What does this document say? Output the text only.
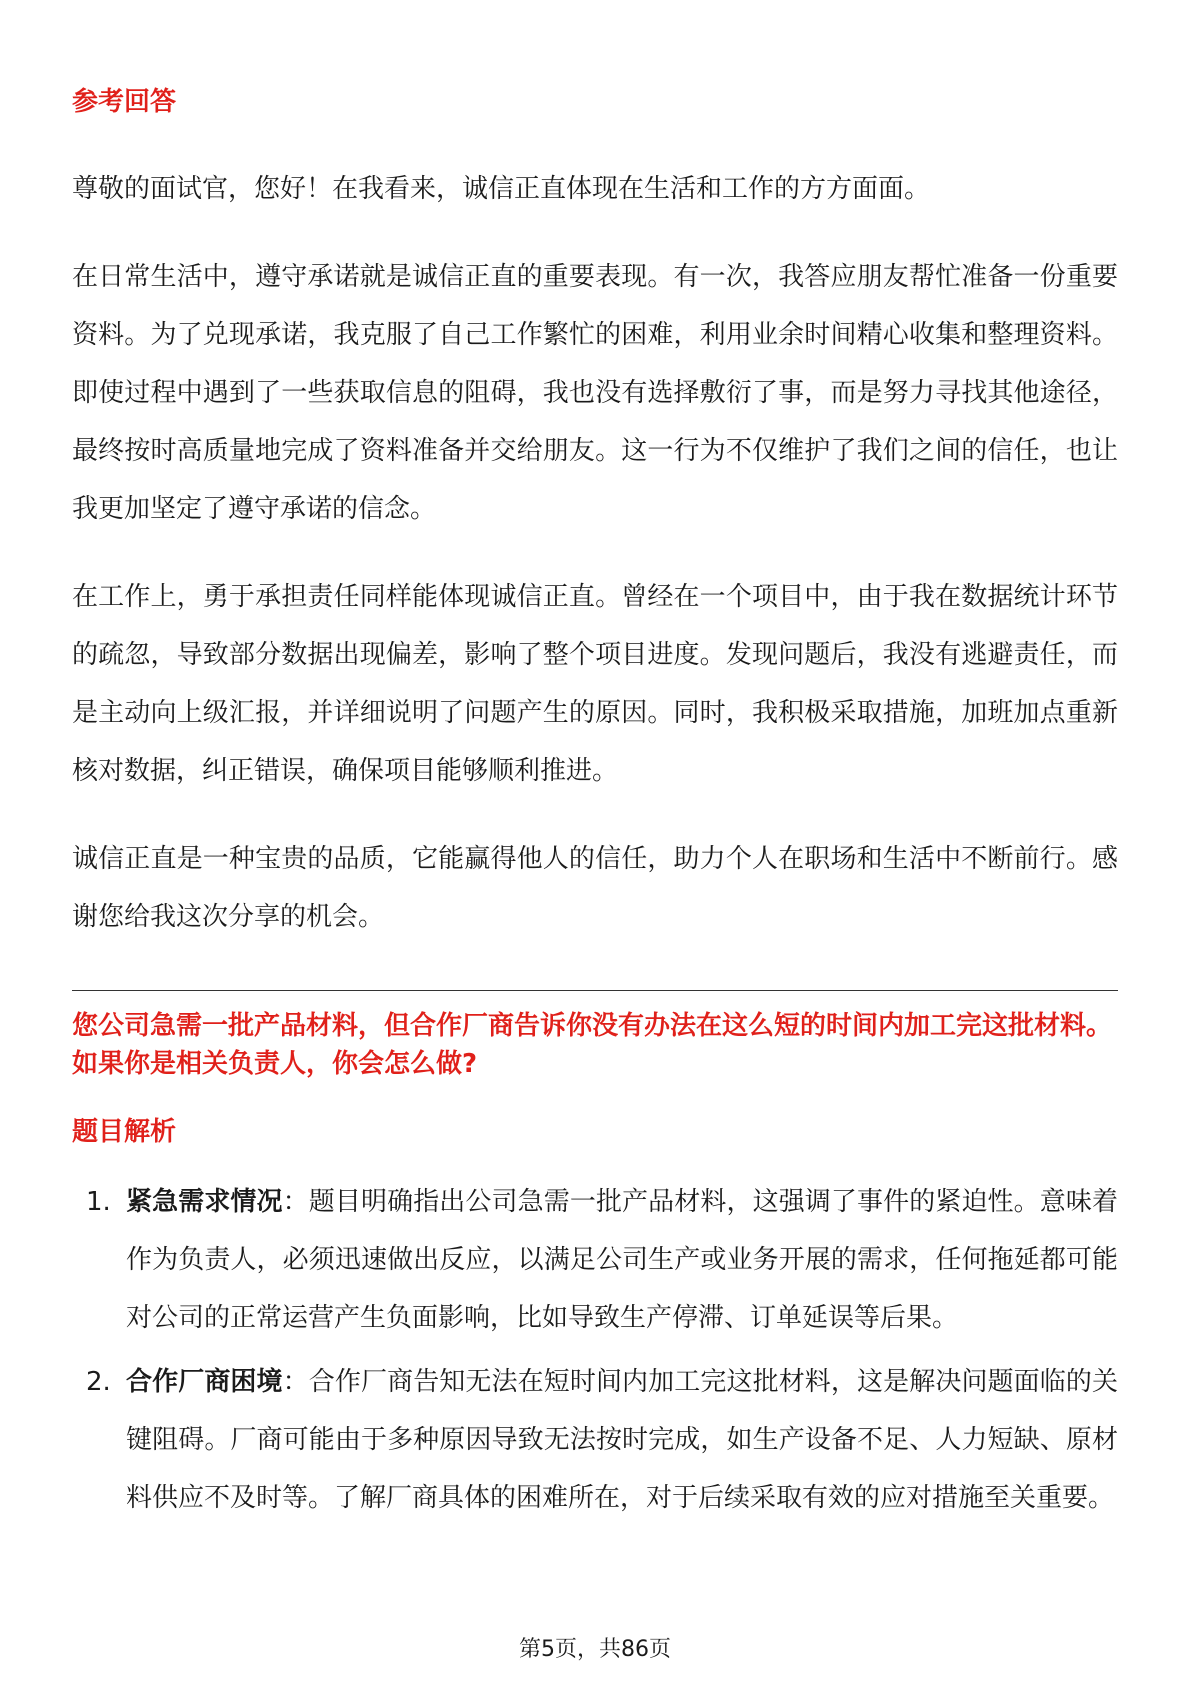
参考回答

尊敬的面试官，您好！在我看来，诚信正直体现在生活和工作的方方面面。

在日常生活中，遵守承诺就是诚信正直的重要表现。有一次，我答应朋友帮忙准备一份重要资料。为了兑现承诺，我克服了自己工作繁忙的困难，利用业余时间精心收集和整理资料。即使过程中遇到了一些获取信息的阻碍，我也没有选择敷衍了事，而是努力寻找其他途径，最终按时高质量地完成了资料准备并交给朋友。这一行为不仅维护了我们之间的信任，也让我更加坚定了遵守承诺的信念。

在工作上，勇于承担责任同样能体现诚信正直。曾经在一个项目中，由于我在数据统计环节的疏忽，导致部分数据出现偏差，影响了整个项目进度。发现问题后，我没有逃避责任，而是主动向上级汇报，并详细说明了问题产生的原因。同时，我积极采取措施，加班加点重新核对数据，纠正错误，确保项目能够顺利推进。

诚信正直是一种宝贵的品质，它能赢得他人的信任，助力个人在职场和生活中不断前行。感谢您给我这次分享的机会。

您公司急需一批产品材料，但合作厂商告诉你没有办法在这么短的时间内加工完这批材料。如果你是相关负责人，你会怎么做?
题目解析
1. 紧急需求情况：题目明确指出公司急需一批产品材料，这强调了事件的紧迫性。意味着作为负责人，必须迅速做出反应，以满足公司生产或业务开展的需求，任何拖延都可能对公司的正常运营产生负面影响，比如导致生产停滞、订单延误等后果。
2. 合作厂商困境：合作厂商告知无法在短时间内加工完这批材料，这是解决问题面临的关键阻碍。厂商可能由于多种原因导致无法按时完成，如生产设备不足、人力短缺、原材料供应不及时等。了解厂商具体的困难所在，对于后续采取有效的应对措施至关重要。
第5页，共86页
